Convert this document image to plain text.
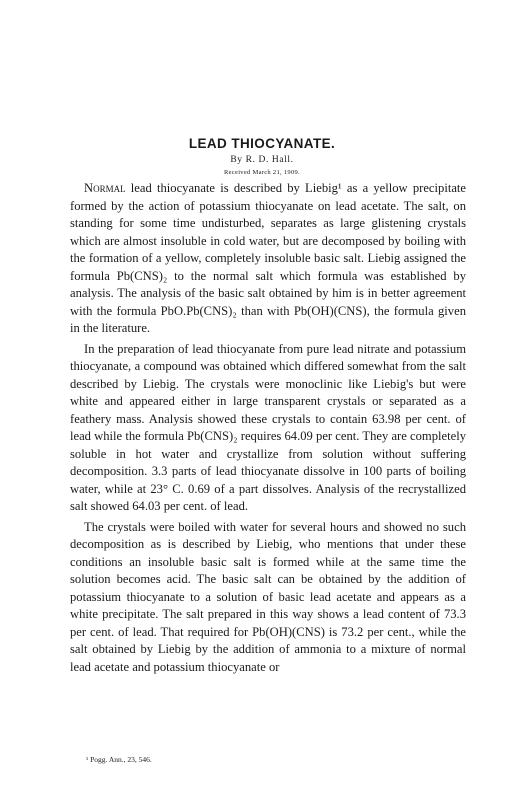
LEAD THIOCYANATE.
By R. D. Hall.
Received March 21, 1909.

Normal lead thiocyanate is described by Liebig¹ as a yellow precipitate formed by the action of potassium thiocyanate on lead acetate. The salt, on standing for some time undisturbed, separates as large glistening crystals which are almost insoluble in cold water, but are decomposed by boiling with the formation of a yellow, completely insoluble basic salt. Liebig assigned the formula Pb(CNS)₂ to the normal salt which formula was established by analysis. The analysis of the basic salt obtained by him is in better agreement with the formula PbO.Pb(CNS)₂ than with Pb(OH)(CNS), the formula given in the literature.

In the preparation of lead thiocyanate from pure lead nitrate and potassium thiocyanate, a compound was obtained which differed somewhat from the salt described by Liebig. The crystals were monoclinic like Liebig's but were white and appeared either in large transparent crystals or separated as a feathery mass. Analysis showed these crystals to contain 63.98 per cent. of lead while the formula Pb(CNS)₂ requires 64.09 per cent. They are completely soluble in hot water and crystallize from solution without suffering decomposition. 3.3 parts of lead thiocyanate dissolve in 100 parts of boiling water, while at 23° C. 0.69 of a part dissolves. Analysis of the recrystallized salt showed 64.03 per cent. of lead.

The crystals were boiled with water for several hours and showed no such decomposition as is described by Liebig, who mentions that under these conditions an insoluble basic salt is formed while at the same time the solution becomes acid. The basic salt can be obtained by the addition of potassium thiocyanate to a solution of basic lead acetate and appears as a white precipitate. The salt prepared in this way shows a lead content of 73.3 per cent. of lead. That required for Pb(OH)(CNS) is 73.2 per cent., while the salt obtained by Liebig by the addition of ammonia to a mixture of normal lead acetate and potassium thiocyanate or

¹ Pogg. Ann., 23, 546.
